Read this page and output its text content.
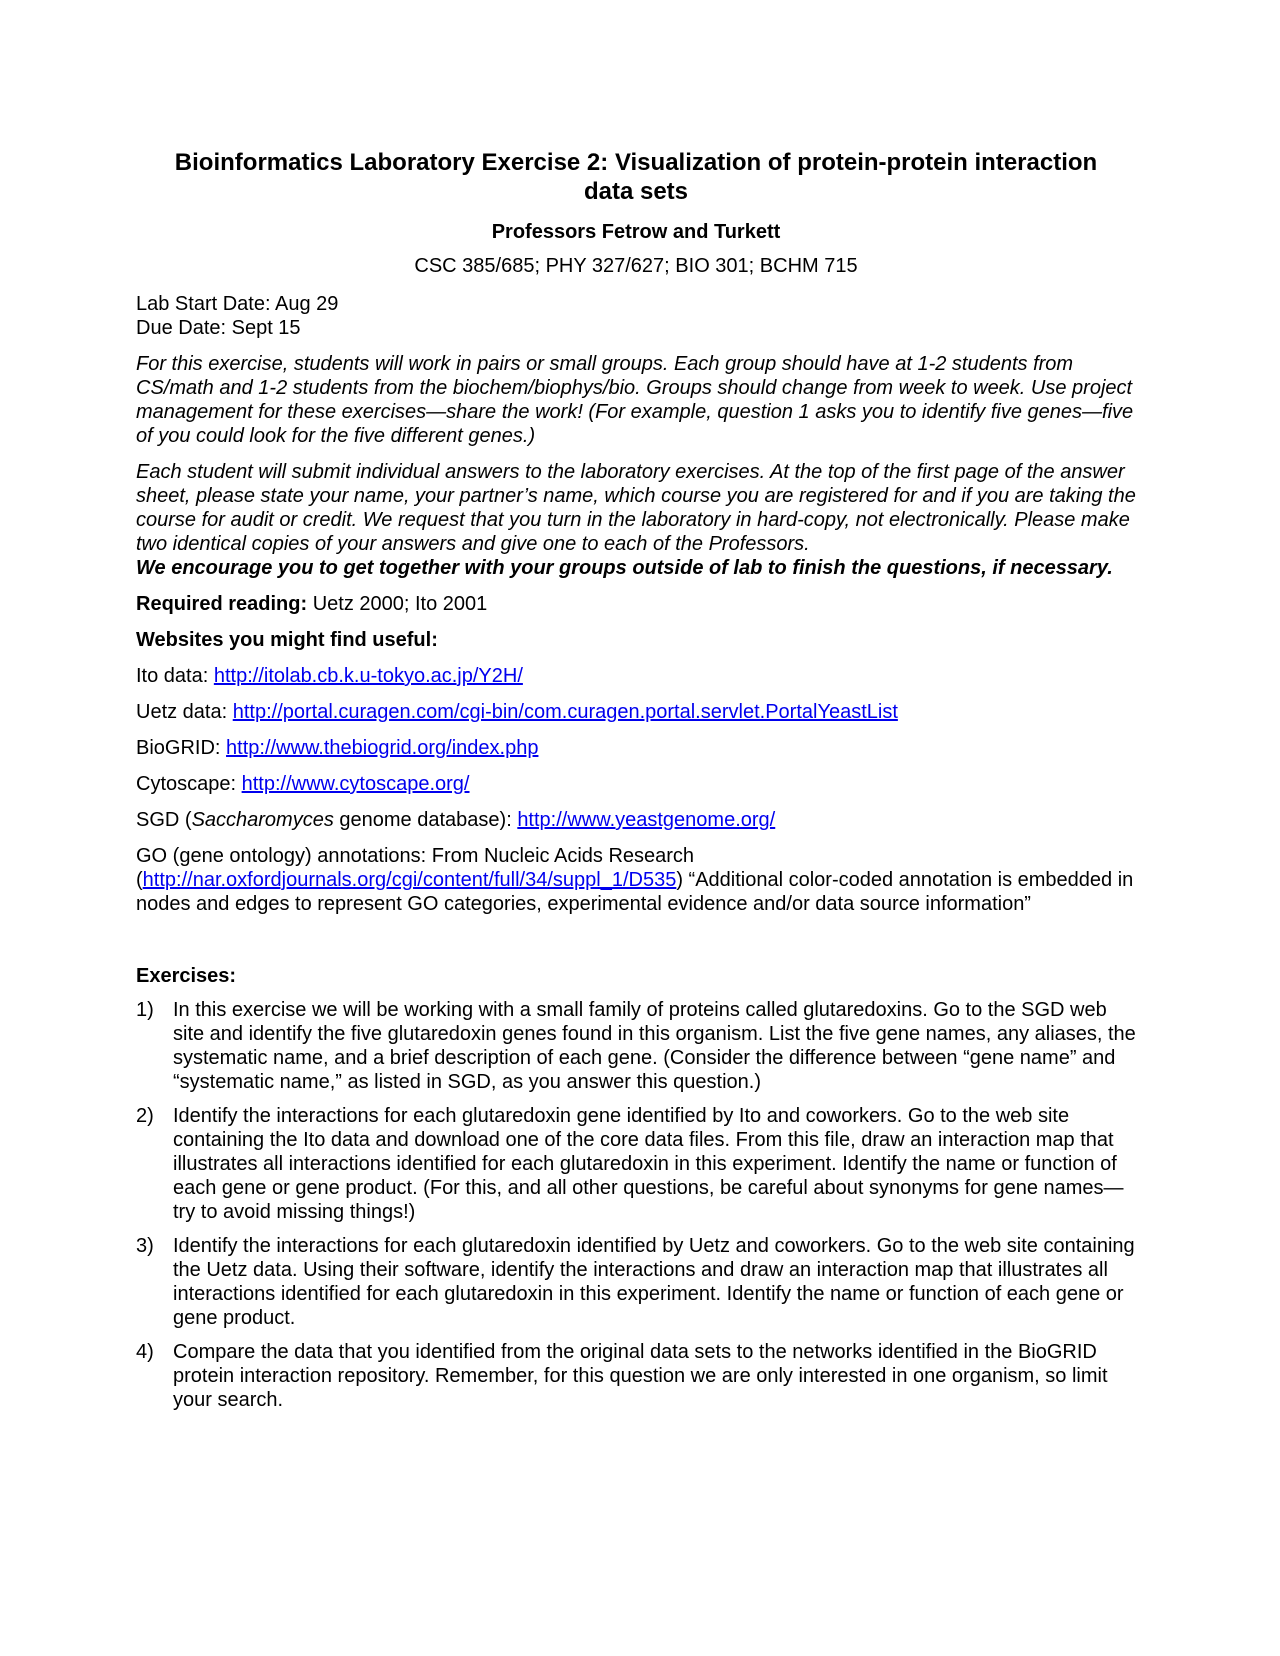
Bioinformatics Laboratory Exercise 2: Visualization of protein-protein interaction
data sets
Professors Fetrow and Turkett
CSC 385/685; PHY 327/627; BIO 301; BCHM 715
Lab Start Date: Aug 29
Due Date: Sept 15
For this exercise, students will work in pairs or small groups. Each group should have at 1-2 students from CS/math and 1-2 students from the biochem/biophys/bio. Groups should change from week to week. Use project management for these exercises—share the work! (For example, question 1 asks you to identify five genes—five of you could look for the five different genes.)
Each student will submit individual answers to the laboratory exercises. At the top of the first page of the answer sheet, please state your name, your partner’s name, which course you are registered for and if you are taking the course for audit or credit. We request that you turn in the laboratory in hard-copy, not electronically. Please make two identical copies of your answers and give one to each of the Professors.
We encourage you to get together with your groups outside of lab to finish the questions, if necessary.
Required reading: Uetz 2000; Ito 2001
Websites you might find useful:
Ito data: http://itolab.cb.k.u-tokyo.ac.jp/Y2H/
Uetz data: http://portal.curagen.com/cgi-bin/com.curagen.portal.servlet.PortalYeastList
BioGRID: http://www.thebiogrid.org/index.php
Cytoscape: http://www.cytoscape.org/
SGD (Saccharomyces genome database): http://www.yeastgenome.org/
GO (gene ontology) annotations: From Nucleic Acids Research
(http://nar.oxfordjournals.org/cgi/content/full/34/suppl_1/D535) “Additional color-coded annotation is embedded in nodes and edges to represent GO categories, experimental evidence and/or data source information”
Exercises:
1) In this exercise we will be working with a small family of proteins called glutaredoxins. Go to the SGD web site and identify the five glutaredoxin genes found in this organism. List the five gene names, any aliases, the systematic name, and a brief description of each gene. (Consider the difference between “gene name” and “systematic name,” as listed in SGD, as you answer this question.)
2) Identify the interactions for each glutaredoxin gene identified by Ito and coworkers. Go to the web site containing the Ito data and download one of the core data files. From this file, draw an interaction map that illustrates all interactions identified for each glutaredoxin in this experiment. Identify the name or function of each gene or gene product. (For this, and all other questions, be careful about synonyms for gene names—try to avoid missing things!)
3) Identify the interactions for each glutaredoxin identified by Uetz and coworkers. Go to the web site containing the Uetz data. Using their software, identify the interactions and draw an interaction map that illustrates all interactions identified for each glutaredoxin in this experiment. Identify the name or function of each gene or gene product.
4) Compare the data that you identified from the original data sets to the networks identified in the BioGRID protein interaction repository. Remember, for this question we are only interested in one organism, so limit your search.
